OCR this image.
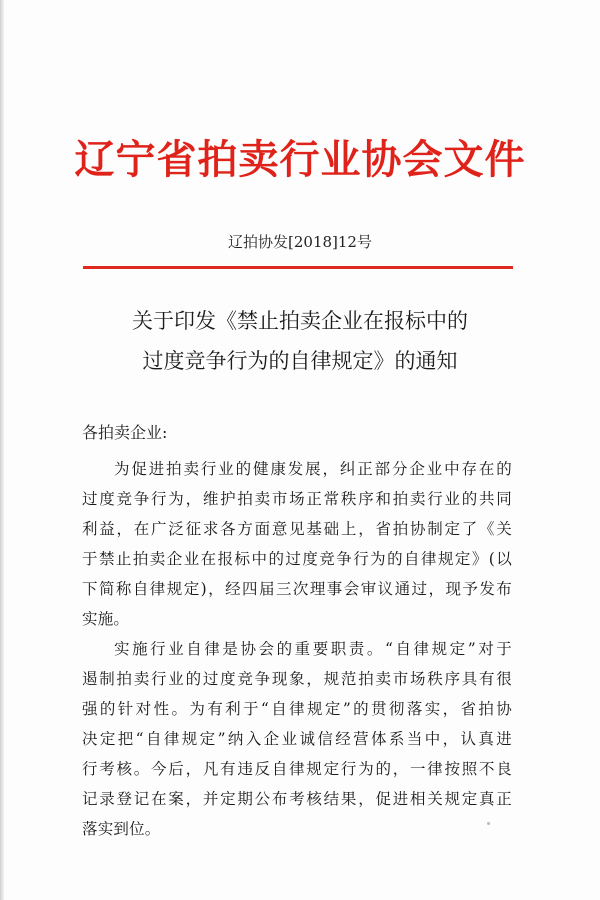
辽宁省拍卖行业协会文件
辽拍协发[2018]12号
关于印发《禁止拍卖企业在报标中的
过度竞争行为的自律规定》的通知
各拍卖企业:
为促进拍卖行业的健康发展，纠正部分企业中存在的
过度竞争行为，维护拍卖市场正常秩序和拍卖行业的共同
利益，在广泛征求各方面意见基础上，省拍协制定了《关
于禁止拍卖企业在报标中的过度竞争行为的自律规定》(以
下简称自律规定)，经四届三次理事会审议通过，现予发布
实施。
实施行业自律是协会的重要职责。“自律规定”对于
遏制拍卖行业的过度竞争现象，规范拍卖市场秩序具有很
强的针对性。为有利于“自律规定”的贯彻落实，省拍协
决定把“自律规定”纳入企业诚信经营体系当中，认真进
行考核。今后，凡有违反自律规定行为的，一律按照不良
记录登记在案，并定期公布考核结果，促进相关规定真正
落实到位。
